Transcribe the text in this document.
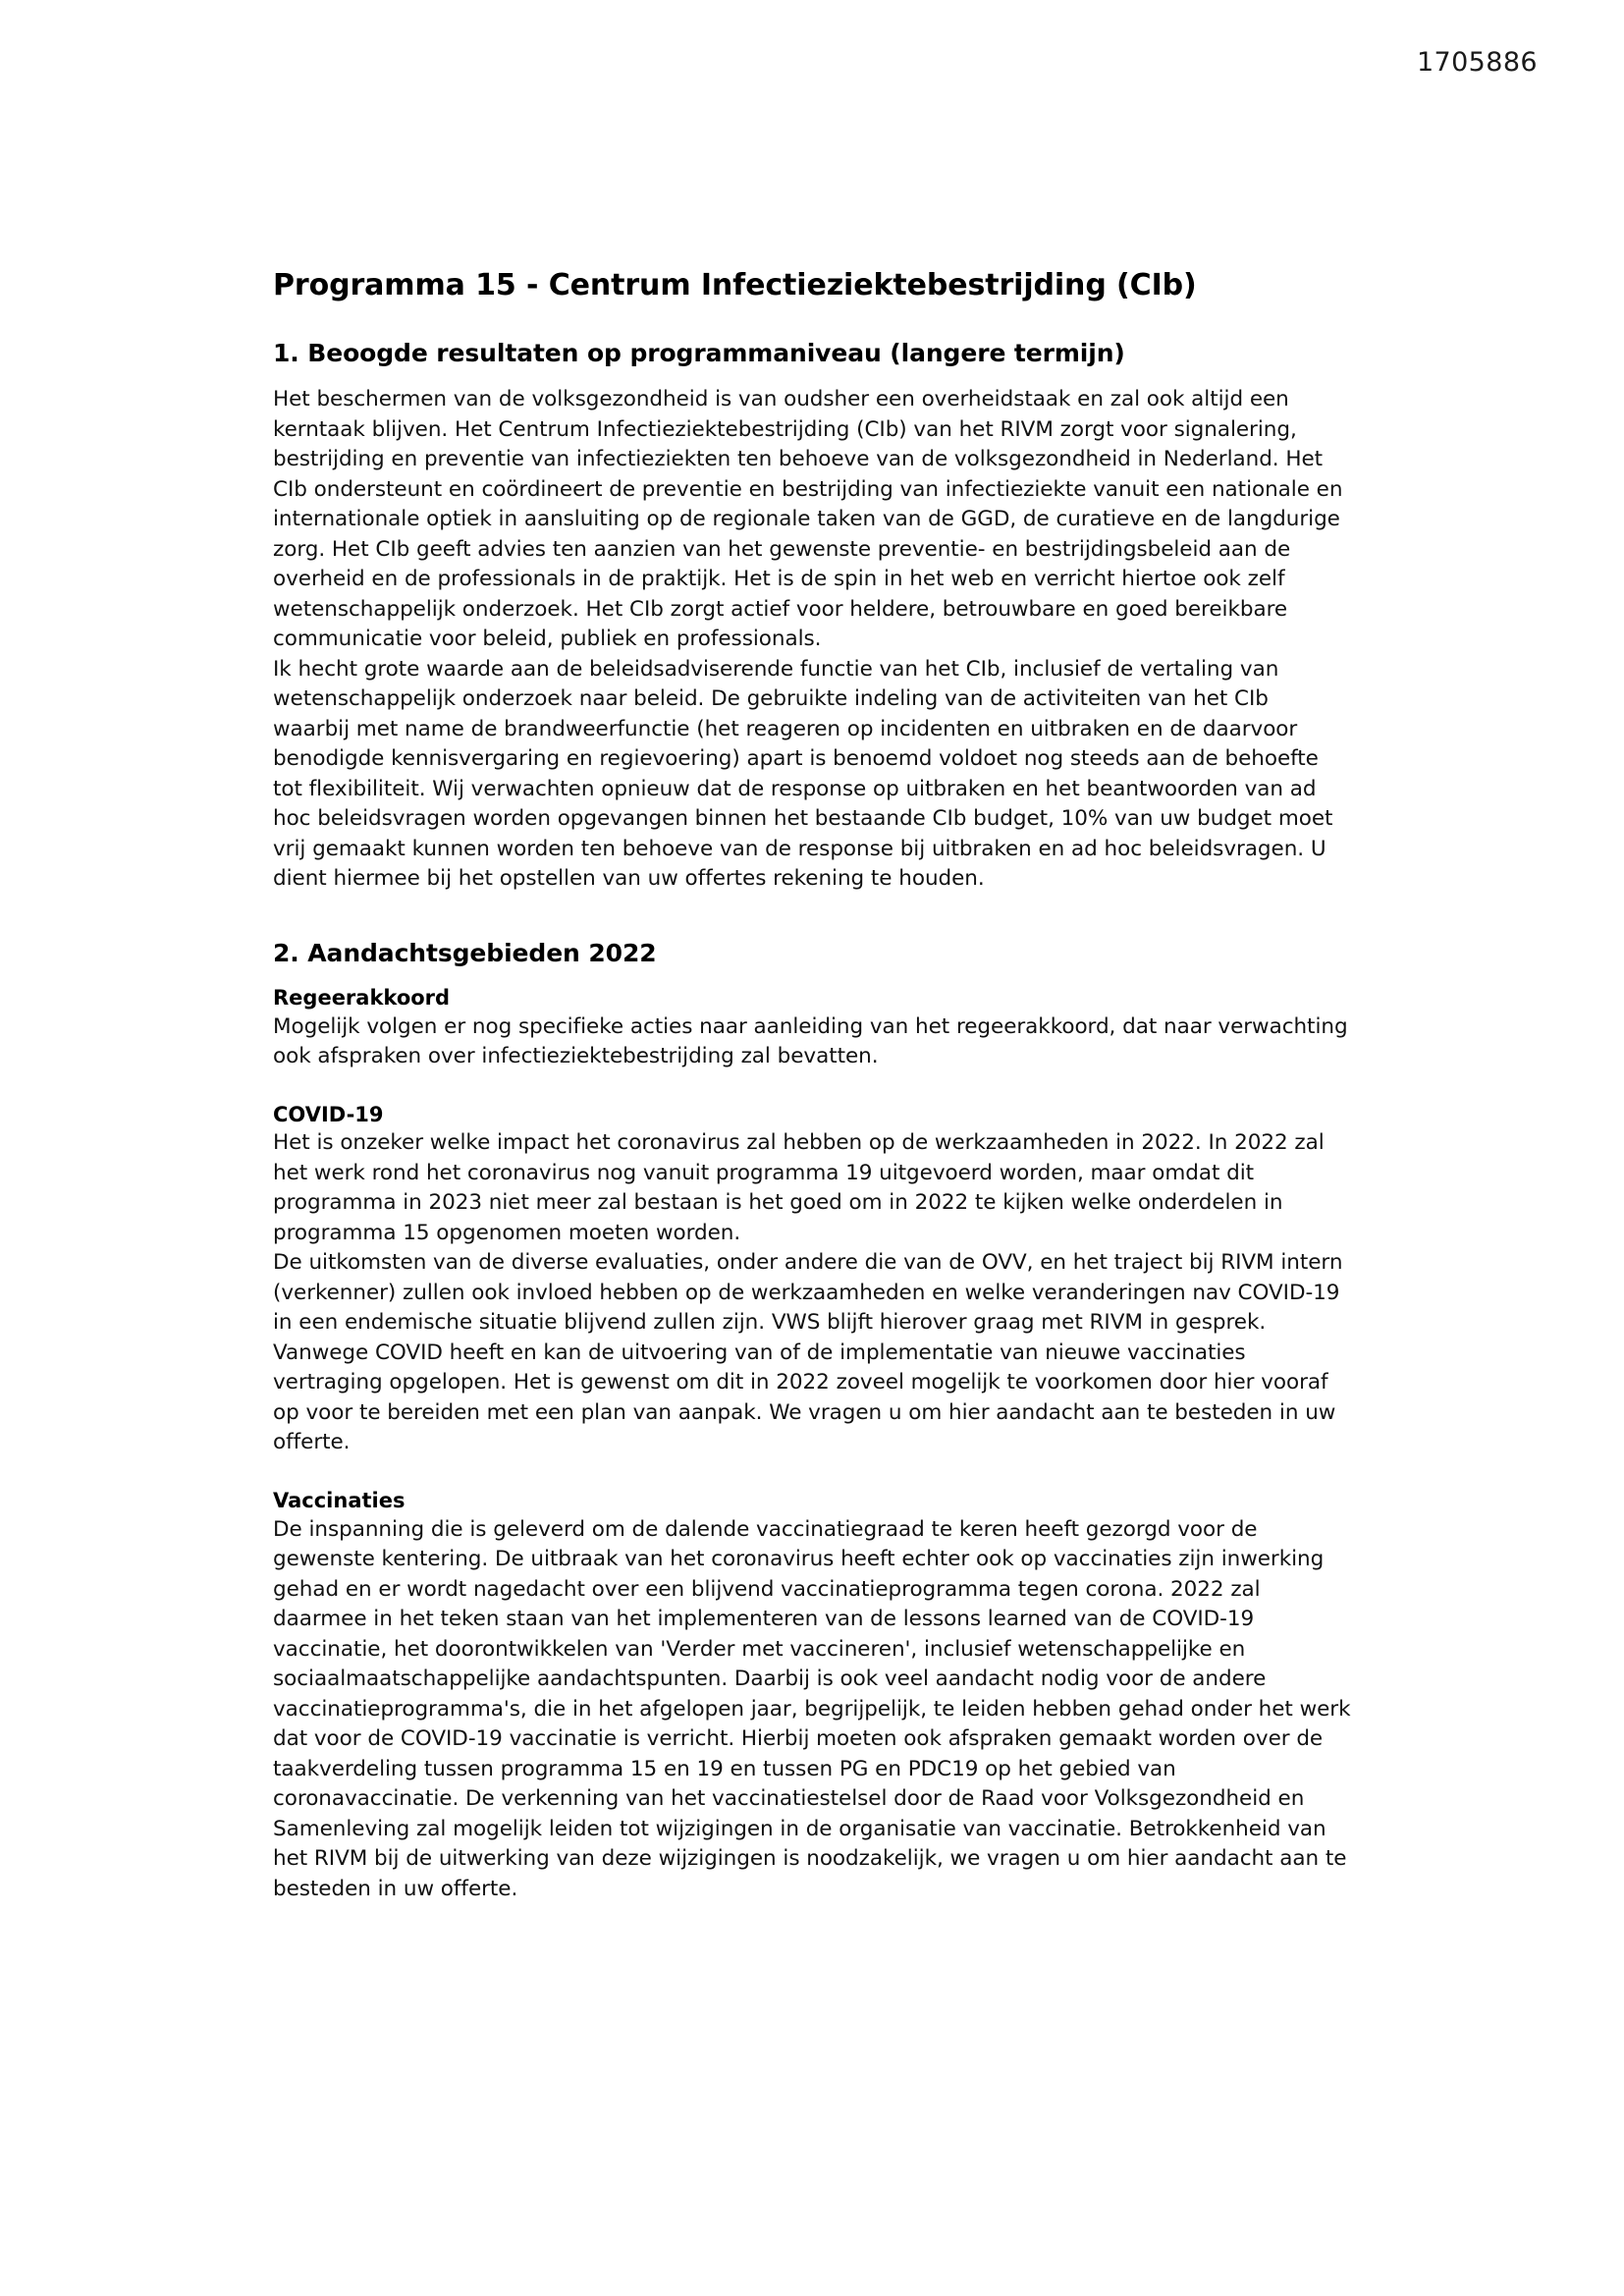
1705886
Programma 15 - Centrum Infectieziektebestrijding (CIb)
1. Beoogde resultaten op programmaniveau (langere termijn)

Het beschermen van de volksgezondheid is van oudsher een overheidstaak en zal ook altijd een kerntaak blijven. Het Centrum Infectieziektebestrijding (CIb) van het RIVM zorgt voor signalering, bestrijding en preventie van infectieziekten ten behoeve van de volksgezondheid in Nederland. Het CIb ondersteunt en coördineert de preventie en bestrijding van infectieziekte vanuit een nationale en internationale optiek in aansluiting op de regionale taken van de GGD, de curatieve en de langdurige zorg. Het CIb geeft advies ten aanzien van het gewenste preventie- en bestrijdingsbeleid aan de overheid en de professionals in de praktijk. Het is de spin in het web en verricht hiertoe ook zelf wetenschappelijk onderzoek. Het CIb zorgt actief voor heldere, betrouwbare en goed bereikbare communicatie voor beleid, publiek en professionals.

Ik hecht grote waarde aan de beleidsadviserende functie van het CIb, inclusief de vertaling van wetenschappelijk onderzoek naar beleid. De gebruikte indeling van de activiteiten van het CIb waarbij met name de brandweerfunctie (het reageren op incidenten en uitbraken en de daarvoor benodigde kennisvergaring en regievoering) apart is benoemd voldoet nog steeds aan de behoefte tot flexibiliteit. Wij verwachten opnieuw dat de response op uitbraken en het beantwoorden van ad hoc beleidsvragen worden opgevangen binnen het bestaande CIb budget, 10% van uw budget moet vrij gemaakt kunnen worden ten behoeve van de response bij uitbraken en ad hoc beleidsvragen. U dient hiermee bij het opstellen van uw offertes rekening te houden.

2. Aandachtsgebieden 2022
Regeerakkoord

Mogelijk volgen er nog specifieke acties naar aanleiding van het regeerakkoord, dat naar verwachting ook afspraken over infectieziektebestrijding zal bevatten.

COVID-19

Het is onzeker welke impact het coronavirus zal hebben op de werkzaamheden in 2022. In 2022 zal het werk rond het coronavirus nog vanuit programma 19 uitgevoerd worden, maar omdat dit programma in 2023 niet meer zal bestaan is het goed om in 2022 te kijken welke onderdelen in programma 15 opgenomen moeten worden.

De uitkomsten van de diverse evaluaties, onder andere die van de OVV, en het traject bij RIVM intern (verkenner) zullen ook invloed hebben op de werkzaamheden en welke veranderingen nav COVID-19 in een endemische situatie blijvend zullen zijn. VWS blijft hierover graag met RIVM in gesprek.

Vanwege COVID heeft en kan de uitvoering van of de implementatie van nieuwe vaccinaties vertraging opgelopen. Het is gewenst om dit in 2022 zoveel mogelijk te voorkomen door hier vooraf op voor te bereiden met een plan van aanpak. We vragen u om hier aandacht aan te besteden in uw offerte.

Vaccinaties

De inspanning die is geleverd om de dalende vaccinatiegraad te keren heeft gezorgd voor de gewenste kentering. De uitbraak van het coronavirus heeft echter ook op vaccinaties zijn inwerking gehad en er wordt nagedacht over een blijvend vaccinatieprogramma tegen corona. 2022 zal daarmee in het teken staan van het implementeren van de lessons learned van de COVID-19 vaccinatie, het doorontwikkelen van 'Verder met vaccineren', inclusief wetenschappelijke en sociaalmaatschappelijke aandachtspunten. Daarbij is ook veel aandacht nodig voor de andere vaccinatieprogramma's, die in het afgelopen jaar, begrijpelijk, te leiden hebben gehad onder het werk dat voor de COVID-19 vaccinatie is verricht. Hierbij moeten ook afspraken gemaakt worden over de taakverdeling tussen programma 15 en 19 en tussen PG en PDC19 op het gebied van coronavaccinatie. De verkenning van het vaccinatiestelsel door de Raad voor Volksgezondheid en Samenleving zal mogelijk leiden tot wijzigingen in de organisatie van vaccinatie. Betrokkenheid van het RIVM bij de uitwerking van deze wijzigingen is noodzakelijk, we vragen u om hier aandacht aan te besteden in uw offerte.
